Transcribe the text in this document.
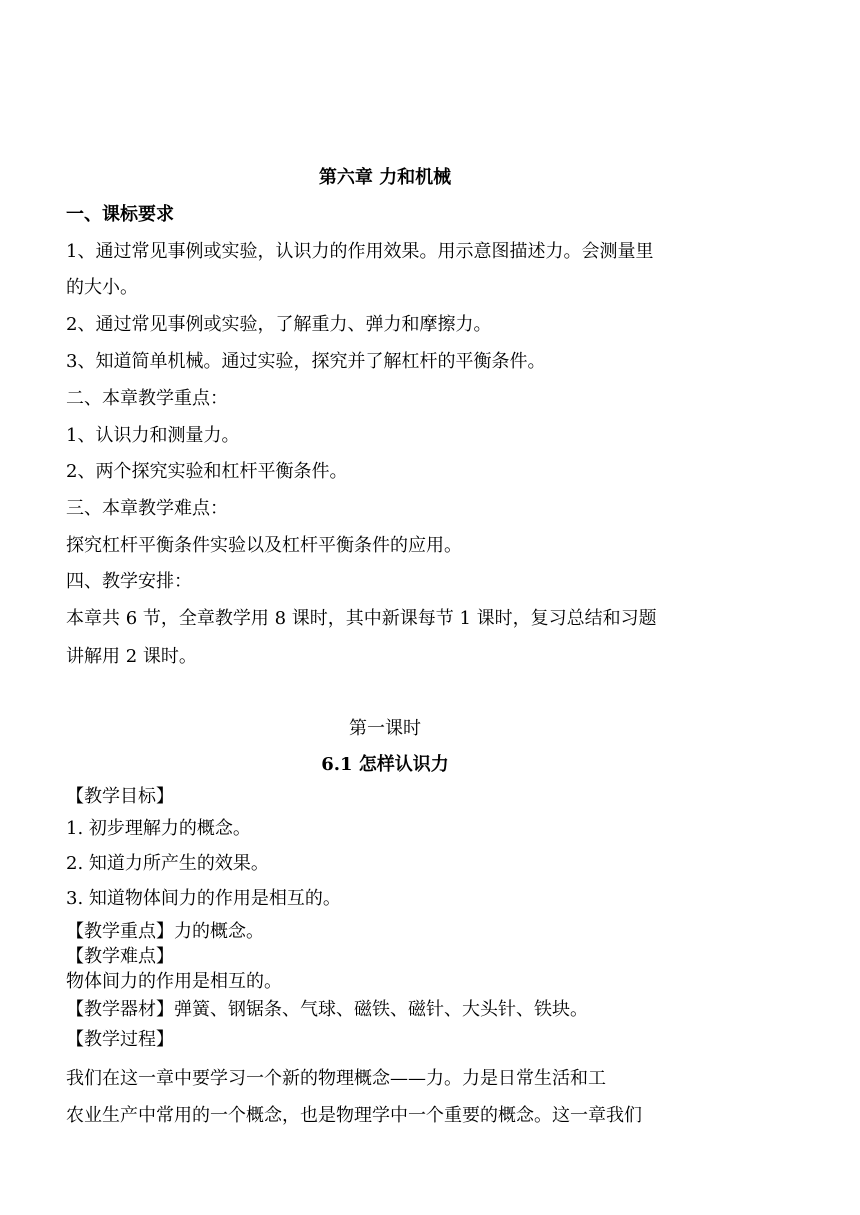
第六章 力和机械
一、课标要求
1、通过常见事例或实验，认识力的作用效果。用示意图描述力。会测量里
的大小。
2、通过常见事例或实验，了解重力、弹力和摩擦力。
3、知道简单机械。通过实验，探究并了解杠杆的平衡条件。
二、本章教学重点：
1、认识力和测量力。
2、两个探究实验和杠杆平衡条件。
三、本章教学难点：
探究杠杆平衡条件实验以及杠杆平衡条件的应用。
四、教学安排：
本章共 6 节，全章教学用 8 课时，其中新课每节 1 课时，复习总结和习题
讲解用 2 课时。
第一课时
6.1 怎样认识力
【教学目标】
1. 初步理解力的概念。
2. 知道力所产生的效果。
3. 知道物体间力的作用是相互的。
【教学重点】力的概念。
【教学难点】
物体间力的作用是相互的。
【教学器材】弹簧、钢锯条、气球、磁铁、磁针、大头针、铁块。
【教学过程】
我们在这一章中要学习一个新的物理概念——力。力是日常生活和工
农业生产中常用的一个概念，也是物理学中一个重要的概念。这一章我们
